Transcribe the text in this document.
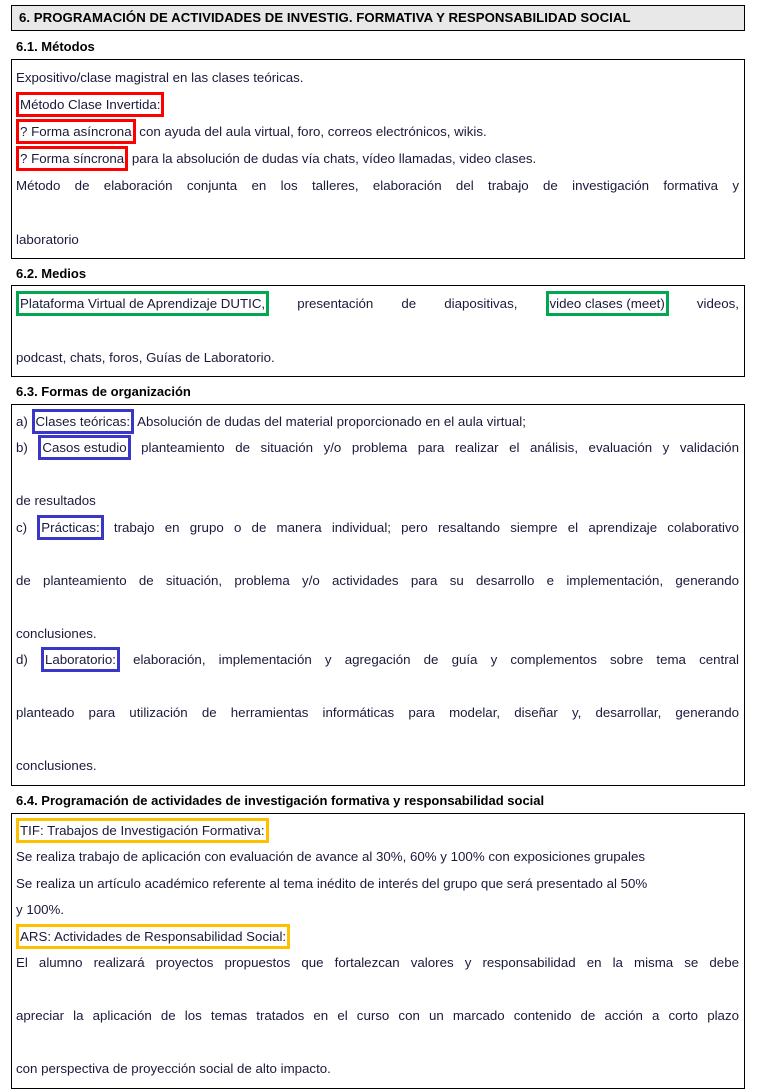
6. PROGRAMACIÓN DE ACTIVIDADES DE INVESTIG. FORMATIVA Y RESPONSABILIDAD SOCIAL
6.1. Métodos

Expositivo/clase magistral en las clases teóricas.

Método Clase Invertida:

? Forma asíncrona con ayuda del aula virtual, foro, correos electrónicos, wikis.

? Forma síncrona para la absolución de dudas vía chats, vídeo llamadas, video clases.

Método de elaboración conjunta en los talleres, elaboración del trabajo de investigación formativa y

laboratorio

6.2. Medios

Plataforma Virtual de Aprendizaje DUTIC, presentación de diapositivas, video clases (meet) videos,

podcast, chats, foros, Guías de Laboratorio.

6.3. Formas de organización

a) Clases teóricas: Absolución de dudas del material proporcionado en el aula virtual;

b) Casos estudio planteamiento de situación y/o problema para realizar el análisis, evaluación y validación

de resultados

c) Prácticas: trabajo en grupo o de manera individual; pero resaltando siempre el aprendizaje colaborativo

de planteamiento de situación, problema y/o actividades para su desarrollo e implementación, generando

conclusiones.

d) Laboratorio: elaboración, implementación y agregación de guía y complementos sobre tema central

planteado para utilización de herramientas informáticas para modelar, diseñar y, desarrollar, generando

conclusiones.

6.4. Programación de actividades de investigación formativa y responsabilidad social

TIF: Trabajos de Investigación Formativa:

Se realiza trabajo de aplicación con evaluación de avance al 30%, 60% y 100% con exposiciones grupales

Se realiza un artículo académico referente al tema inédito de interés del grupo que será presentado al 50%

y 100%.

ARS: Actividades de Responsabilidad Social:

El alumno realizará proyectos propuestos que fortalezcan valores y responsabilidad en la misma se debe

apreciar la aplicación de los temas tratados en el curso con un marcado contenido de acción a corto plazo

con perspectiva de proyección social de alto impacto.
